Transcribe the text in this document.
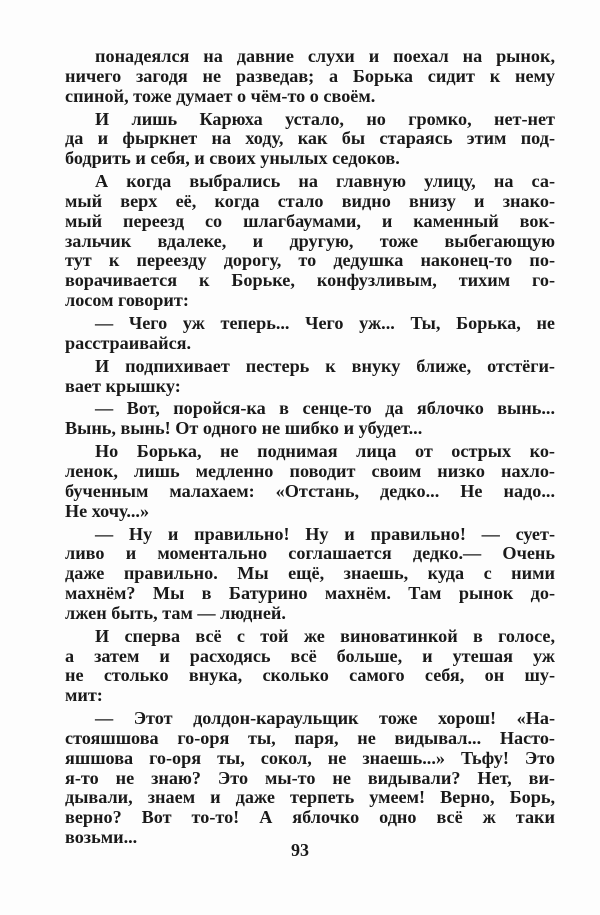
понадеялся на давние слухи и поехал на рынок,
ничего загодя не разведав; а Борька сидит к нему
спиной, тоже думает о чём-то о своём.
И лишь Карюха устало, но громко, нет-нет
да и фыркнет на ходу, как бы стараясь этим под-
бодрить и себя, и своих унылых седоков.
А когда выбрались на главную улицу, на са-
мый верх её, когда стало видно внизу и знако-
мый переезд со шлагбаумами, и каменный вок-
зальчик вдалеке, и другую, тоже выбегающую
тут к переезду дорогу, то дедушка наконец-то по-
ворачивается к Борьке, конфузливым, тихим го-
лосом говорит:
— Чего уж теперь... Чего уж... Ты, Борька, не
расстраивайся.
И подпихивает пестерь к внуку ближе, отстёги-
вает крышку:
— Вот, поройся-ка в сенце-то да яблочко вынь...
Вынь, вынь! От одного не шибко и убудет...
Но Борька, не поднимая лица от острых ко-
ленок, лишь медленно поводит своим низко нахло-
бученным малахаем: «Отстань, дедко... Не надо...
Не хочу...»
— Ну и правильно! Ну и правильно! — сует-
ливо и моментально соглашается дедко.— Очень
даже правильно. Мы ещё, знаешь, куда с ними
махнём? Мы в Батурино махнём. Там рынок до-
лжен быть, там — людней.
И сперва всё с той же виноватинкой в голосе,
а затем и расходясь всё больше, и утешая уж
не столько внука, сколько самого себя, он шу-
мит:
— Этот долдон-караульщик тоже хорош! «На-
стояшшова го-оря ты, паря, не видывал... Насто-
яшшова го-оря ты, сокол, не знаешь...» Тьфу! Это
я-то не знаю? Это мы-то не видывали? Нет, ви-
дывали, знаем и даже терпеть умеем! Верно, Борь,
верно? Вот то-то! А яблочко одно всё ж таки
возьми...
93
